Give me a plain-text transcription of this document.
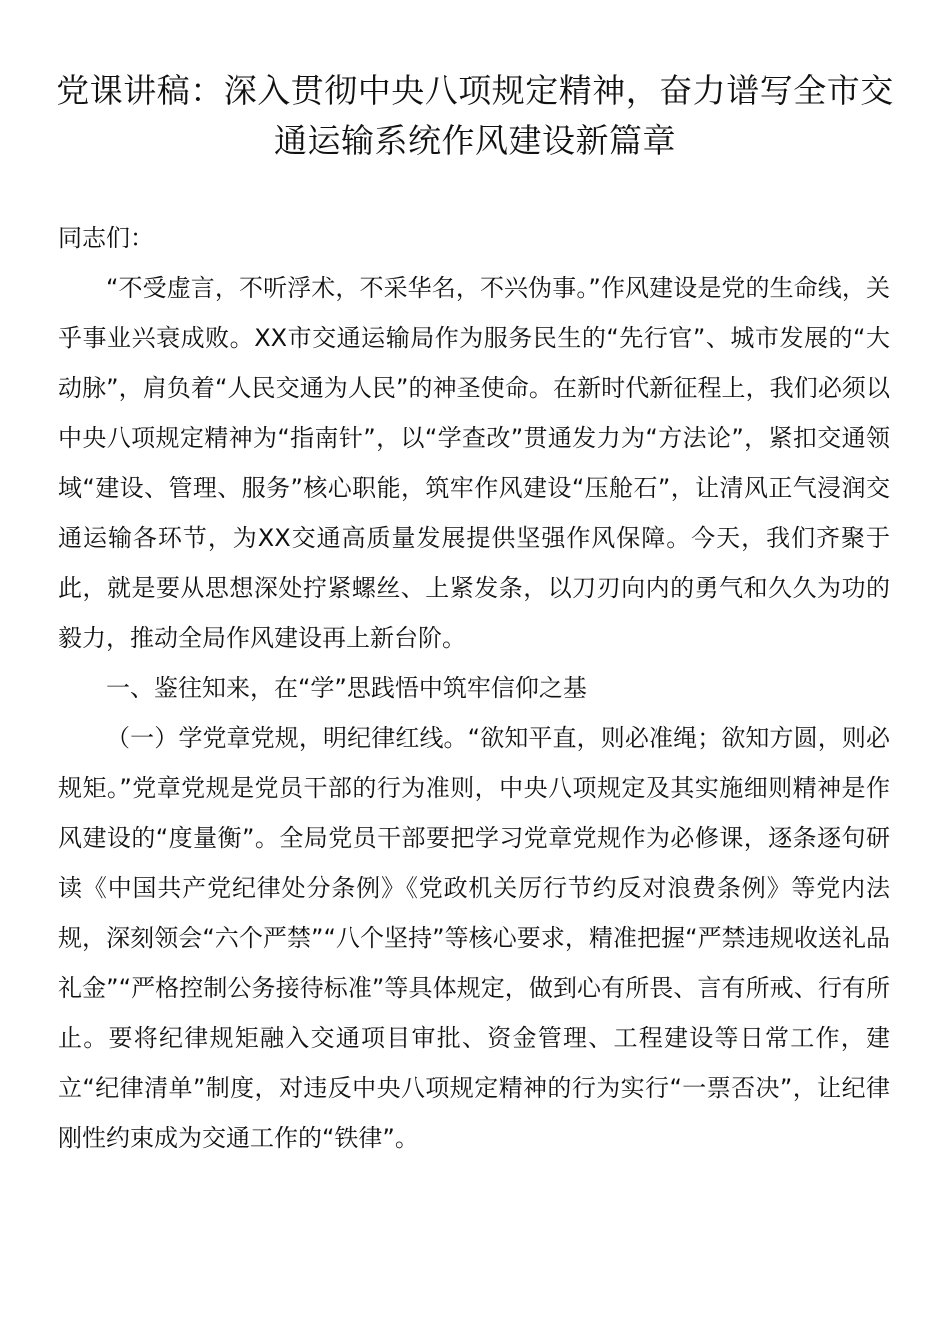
党课讲稿：深入贯彻中央八项规定精神，奋力谱写全市交通运输系统作风建设新篇章

同志们：

“不受虚言，不听浮术，不采华名，不兴伪事。”作风建设是党的生命线，关乎事业兴衰成败。XX市交通运输局作为服务民生的“先行官”、城市发展的“大动脉”，肩负着“人民交通为人民”的神圣使命。在新时代新征程上，我们必须以中央八项规定精神为“指南针”，以“学查改”贯通发力为“方法论”，紧扣交通领域“建设、管理、服务”核心职能，筑牢作风建设“压舱石”，让清风正气浸润交通运输各环节，为XX交通高质量发展提供坚强作风保障。今天，我们齐聚于此，就是要从思想深处拧紧螺丝、上紧发条，以刀刃向内的勇气和久久为功的毅力，推动全局作风建设再上新台阶。

一、鉴往知来，在“学”思践悟中筑牢信仰之基

（一）学党章党规，明纪律红线。“欲知平直，则必准绳；欲知方圆，则必规矩。”党章党规是党员干部的行为准则，中央八项规定及其实施细则精神是作风建设的“度量衡”。全局党员干部要把学习党章党规作为必修课，逐条逐句研读《中国共产党纪律处分条例》《党政机关厉行节约反对浪费条例》等党内法规，深刻领会“六个严禁”“八个坚持”等核心要求，精准把握“严禁违规收送礼品礼金”“严格控制公务接待标准”等具体规定，做到心有所畏、言有所戒、行有所止。要将纪律规矩融入交通项目审批、资金管理、工程建设等日常工作，建立“纪律清单”制度，对违反中央八项规定精神的行为实行“一票否决”，让纪律刚性约束成为交通工作的“铁律”。
